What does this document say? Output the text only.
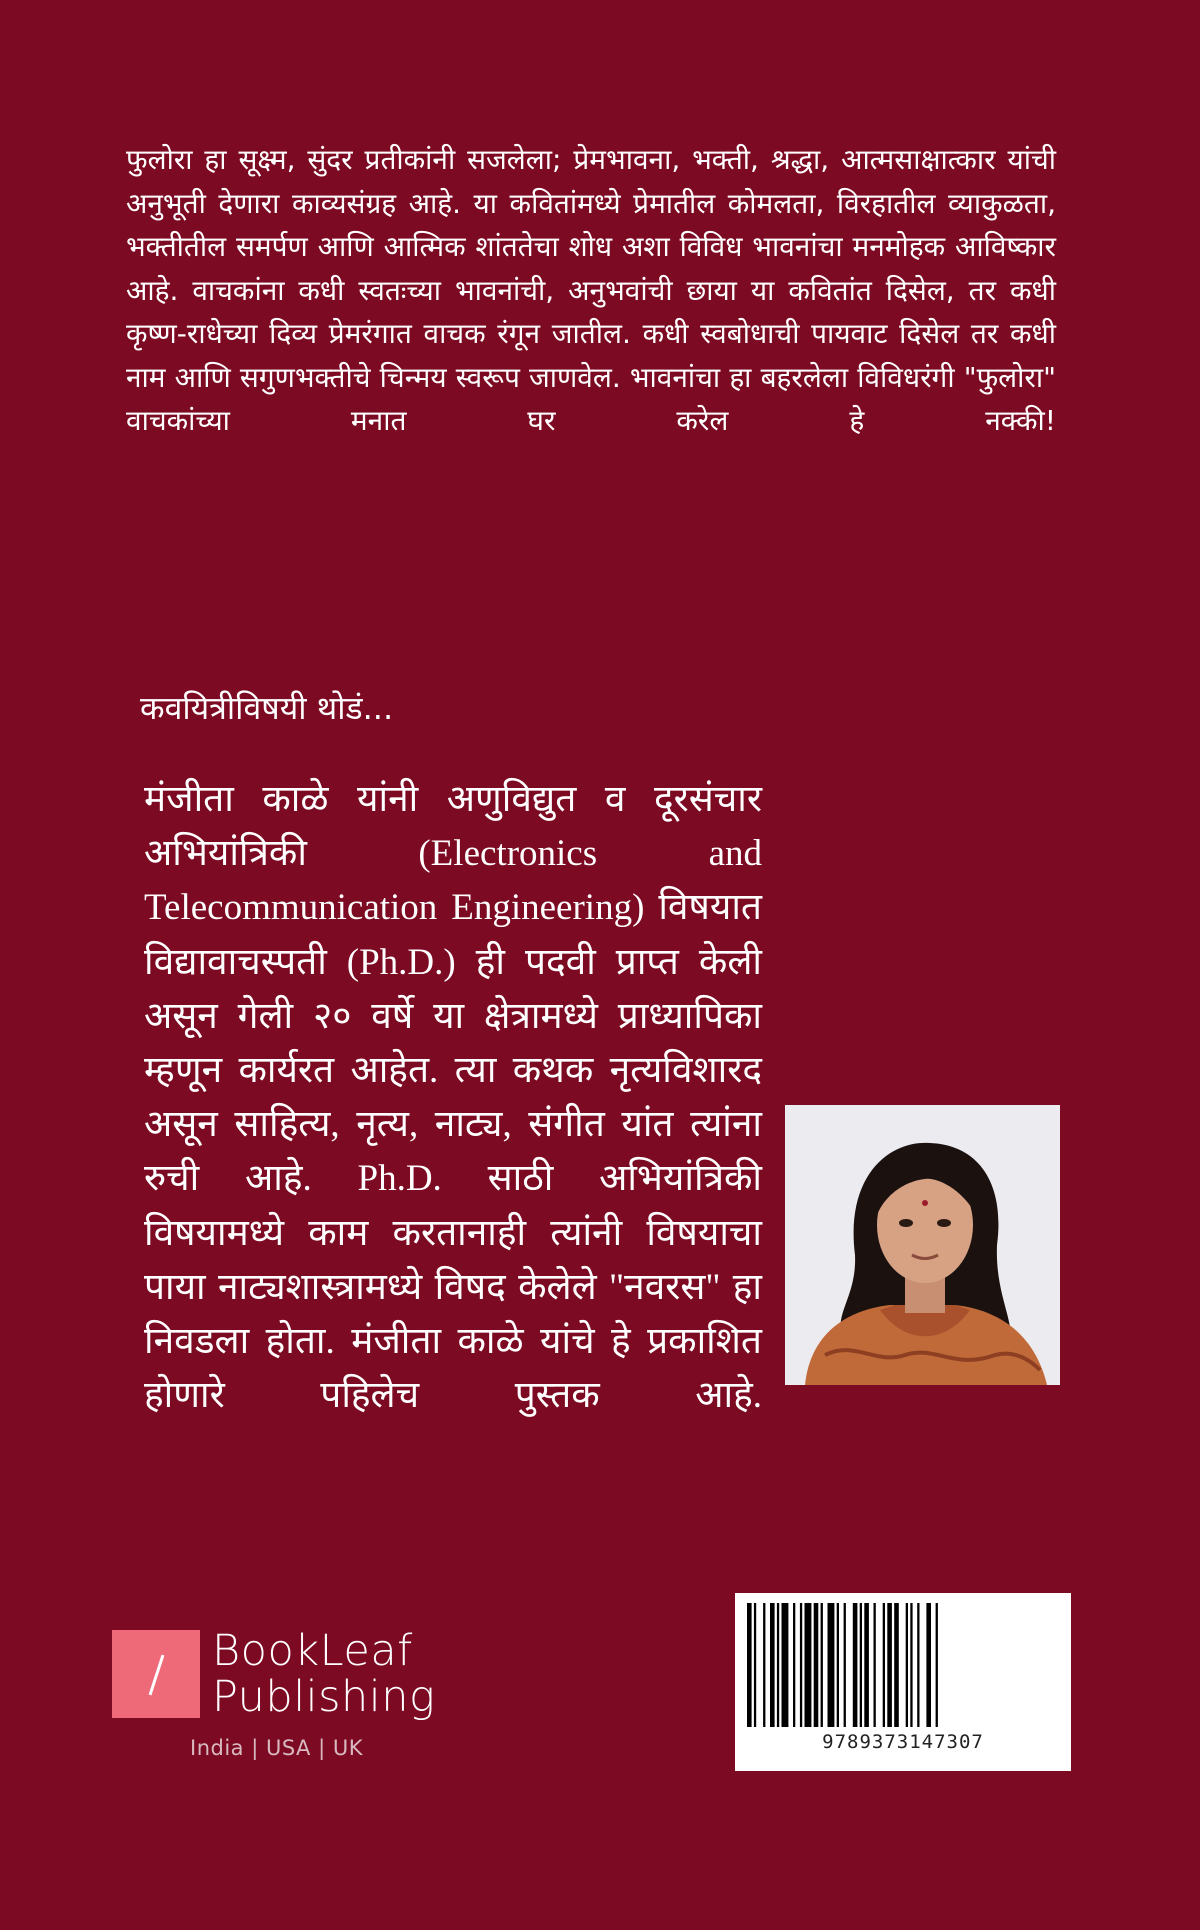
फुलोरा हा सूक्ष्म, सुंदर प्रतीकांनी सजलेला; प्रेमभावना, भक्ती, श्रद्धा, आत्मसाक्षात्कार यांची अनुभूती देणारा काव्यसंग्रह आहे. या कवितांमध्ये प्रेमातील कोमलता, विरहातील व्याकुळता, भक्तीतील समर्पण आणि आत्मिक शांततेचा शोध अशा विविध भावनांचा मनमोहक आविष्कार आहे. वाचकांना कधी स्वतःच्या भावनांची, अनुभवांची छाया या कवितांत दिसेल, तर कधी कृष्ण-राधेच्या दिव्य प्रेमरंगात वाचक रंगून जातील. कधी स्वबोधाची पायवाट दिसेल तर कधी नाम आणि सगुणभक्तीचे चिन्मय स्वरूप जाणवेल. भावनांचा हा बहरलेला विविधरंगी "फुलोरा" वाचकांच्या मनात घर करेल हे नक्की!
कवयित्रीविषयी थोडं...
मंजीता काळे यांनी अणुविद्युत व दूरसंचार अभियांत्रिकी (Electronics and Telecommunication Engineering) विषयात विद्यावाचस्पती (Ph.D.) ही पदवी प्राप्त केली असून गेली २० वर्षे या क्षेत्रामध्ये प्राध्यापिका म्हणून कार्यरत आहेत. त्या कथक नृत्यविशारद असून साहित्य, नृत्य, नाट्य, संगीत यांत त्यांना रुची आहे. Ph.D. साठी अभियांत्रिकी विषयामध्ये काम करतानाही त्यांनी विषयाचा पाया नाट्यशास्त्रामध्ये विषद केलेले "नवरस" हा निवडला होता. मंजीता काळे यांचे हे प्रकाशित होणारे पहिलेच पुस्तक आहे.
BookLeaf
Publishing
India | USA | UK	9789373147307
